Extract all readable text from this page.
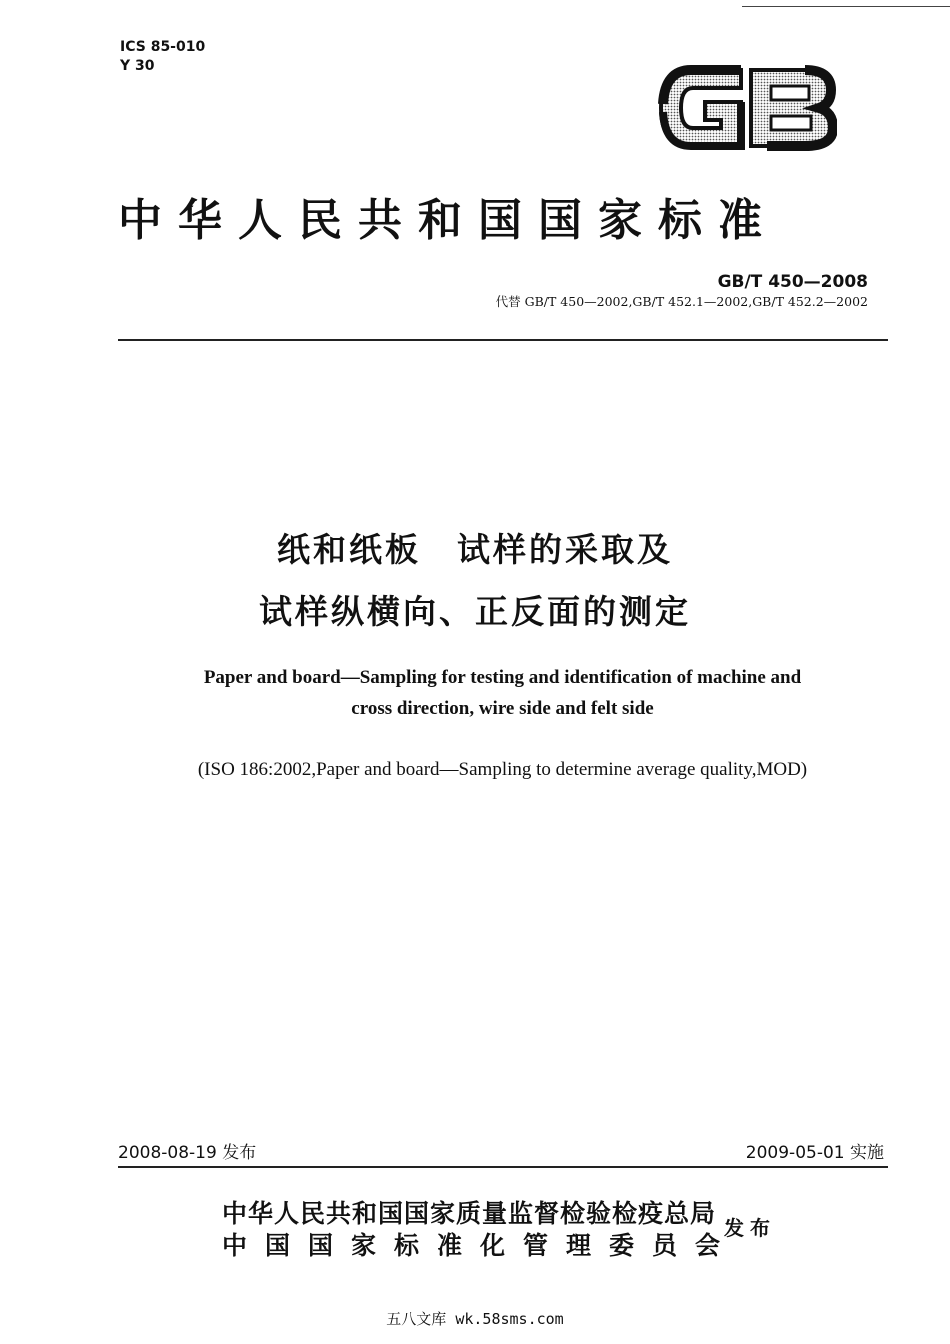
ICS 85-010
Y 30
中华人民共和国国家标准
GB/T 450—2008
代替 GB/T 450—2002,GB/T 452.1—2002,GB/T 452.2—2002
纸和纸板　试样的采取及
试样纵横向、正反面的测定
Paper and board—Sampling for testing and identification of machine and
cross direction, wire side and felt side
(ISO 186:2002,Paper and board—Sampling to determine average quality,MOD)
2008-08-19 发布	2009-05-01 实施
中华人民共和国国家质量监督检验检疫总局
中国国家标准化管理委员会
发布
五八文库 wk.58sms.com
